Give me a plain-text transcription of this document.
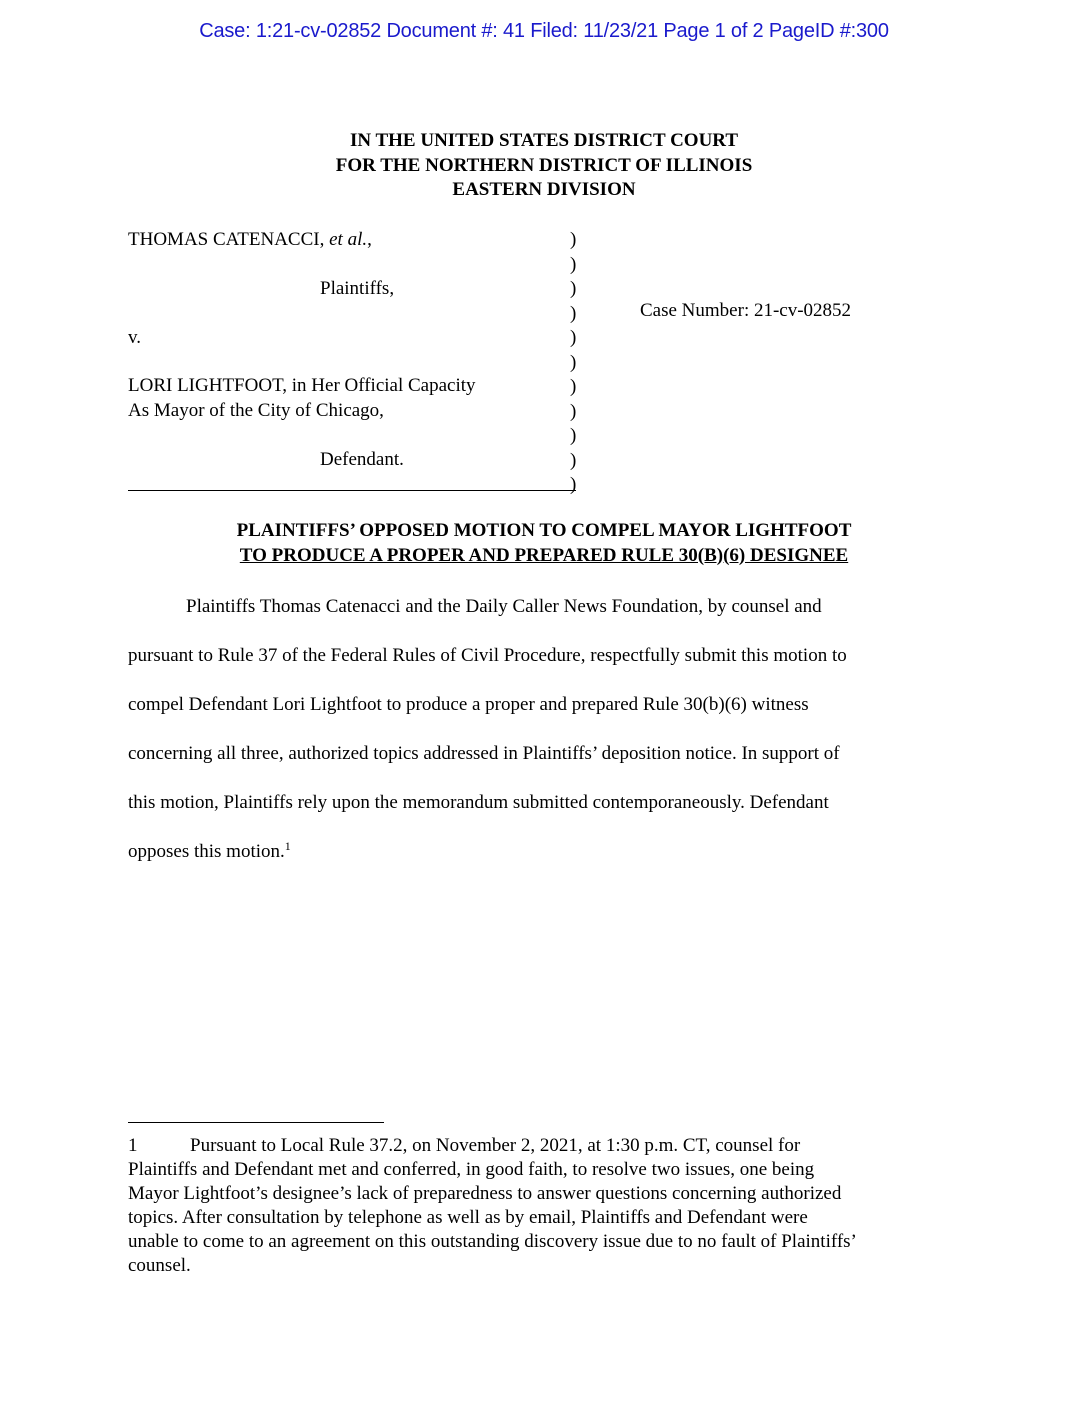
Case: 1:21-cv-02852 Document #: 41 Filed: 11/23/21 Page 1 of 2 PageID #:300
IN THE UNITED STATES DISTRICT COURT
FOR THE NORTHERN DISTRICT OF ILLINOIS
EASTERN DIVISION
THOMAS CATENACCI, et al.,
Plaintiffs,
v.
LORI LIGHTFOOT, in Her Official Capacity
As Mayor of the City of Chicago,
Defendant.
)
)
)
)
)
)
)
)
)
)
)
Case Number: 21-cv-02852
PLAINTIFFS’ OPPOSED MOTION TO COMPEL MAYOR LIGHTFOOT
TO PRODUCE A PROPER AND PREPARED RULE 30(B)(6) DESIGNEE
Plaintiffs Thomas Catenacci and the Daily Caller News Foundation, by counsel and
pursuant to Rule 37 of the Federal Rules of Civil Procedure, respectfully submit this motion to
compel Defendant Lori Lightfoot to produce a proper and prepared Rule 30(b)(6) witness
concerning all three, authorized topics addressed in Plaintiffs’ deposition notice. In support of
this motion, Plaintiffs rely upon the memorandum submitted contemporaneously. Defendant
opposes this motion.$^1$
1	Pursuant to Local Rule 37.2, on November 2, 2021, at 1:30 p.m. CT, counsel for
Plaintiffs and Defendant met and conferred, in good faith, to resolve two issues, one being
Mayor Lightfoot’s designee’s lack of preparedness to answer questions concerning authorized
topics. After consultation by telephone as well as by email, Plaintiffs and Defendant were
unable to come to an agreement on this outstanding discovery issue due to no fault of Plaintiffs’
counsel.
